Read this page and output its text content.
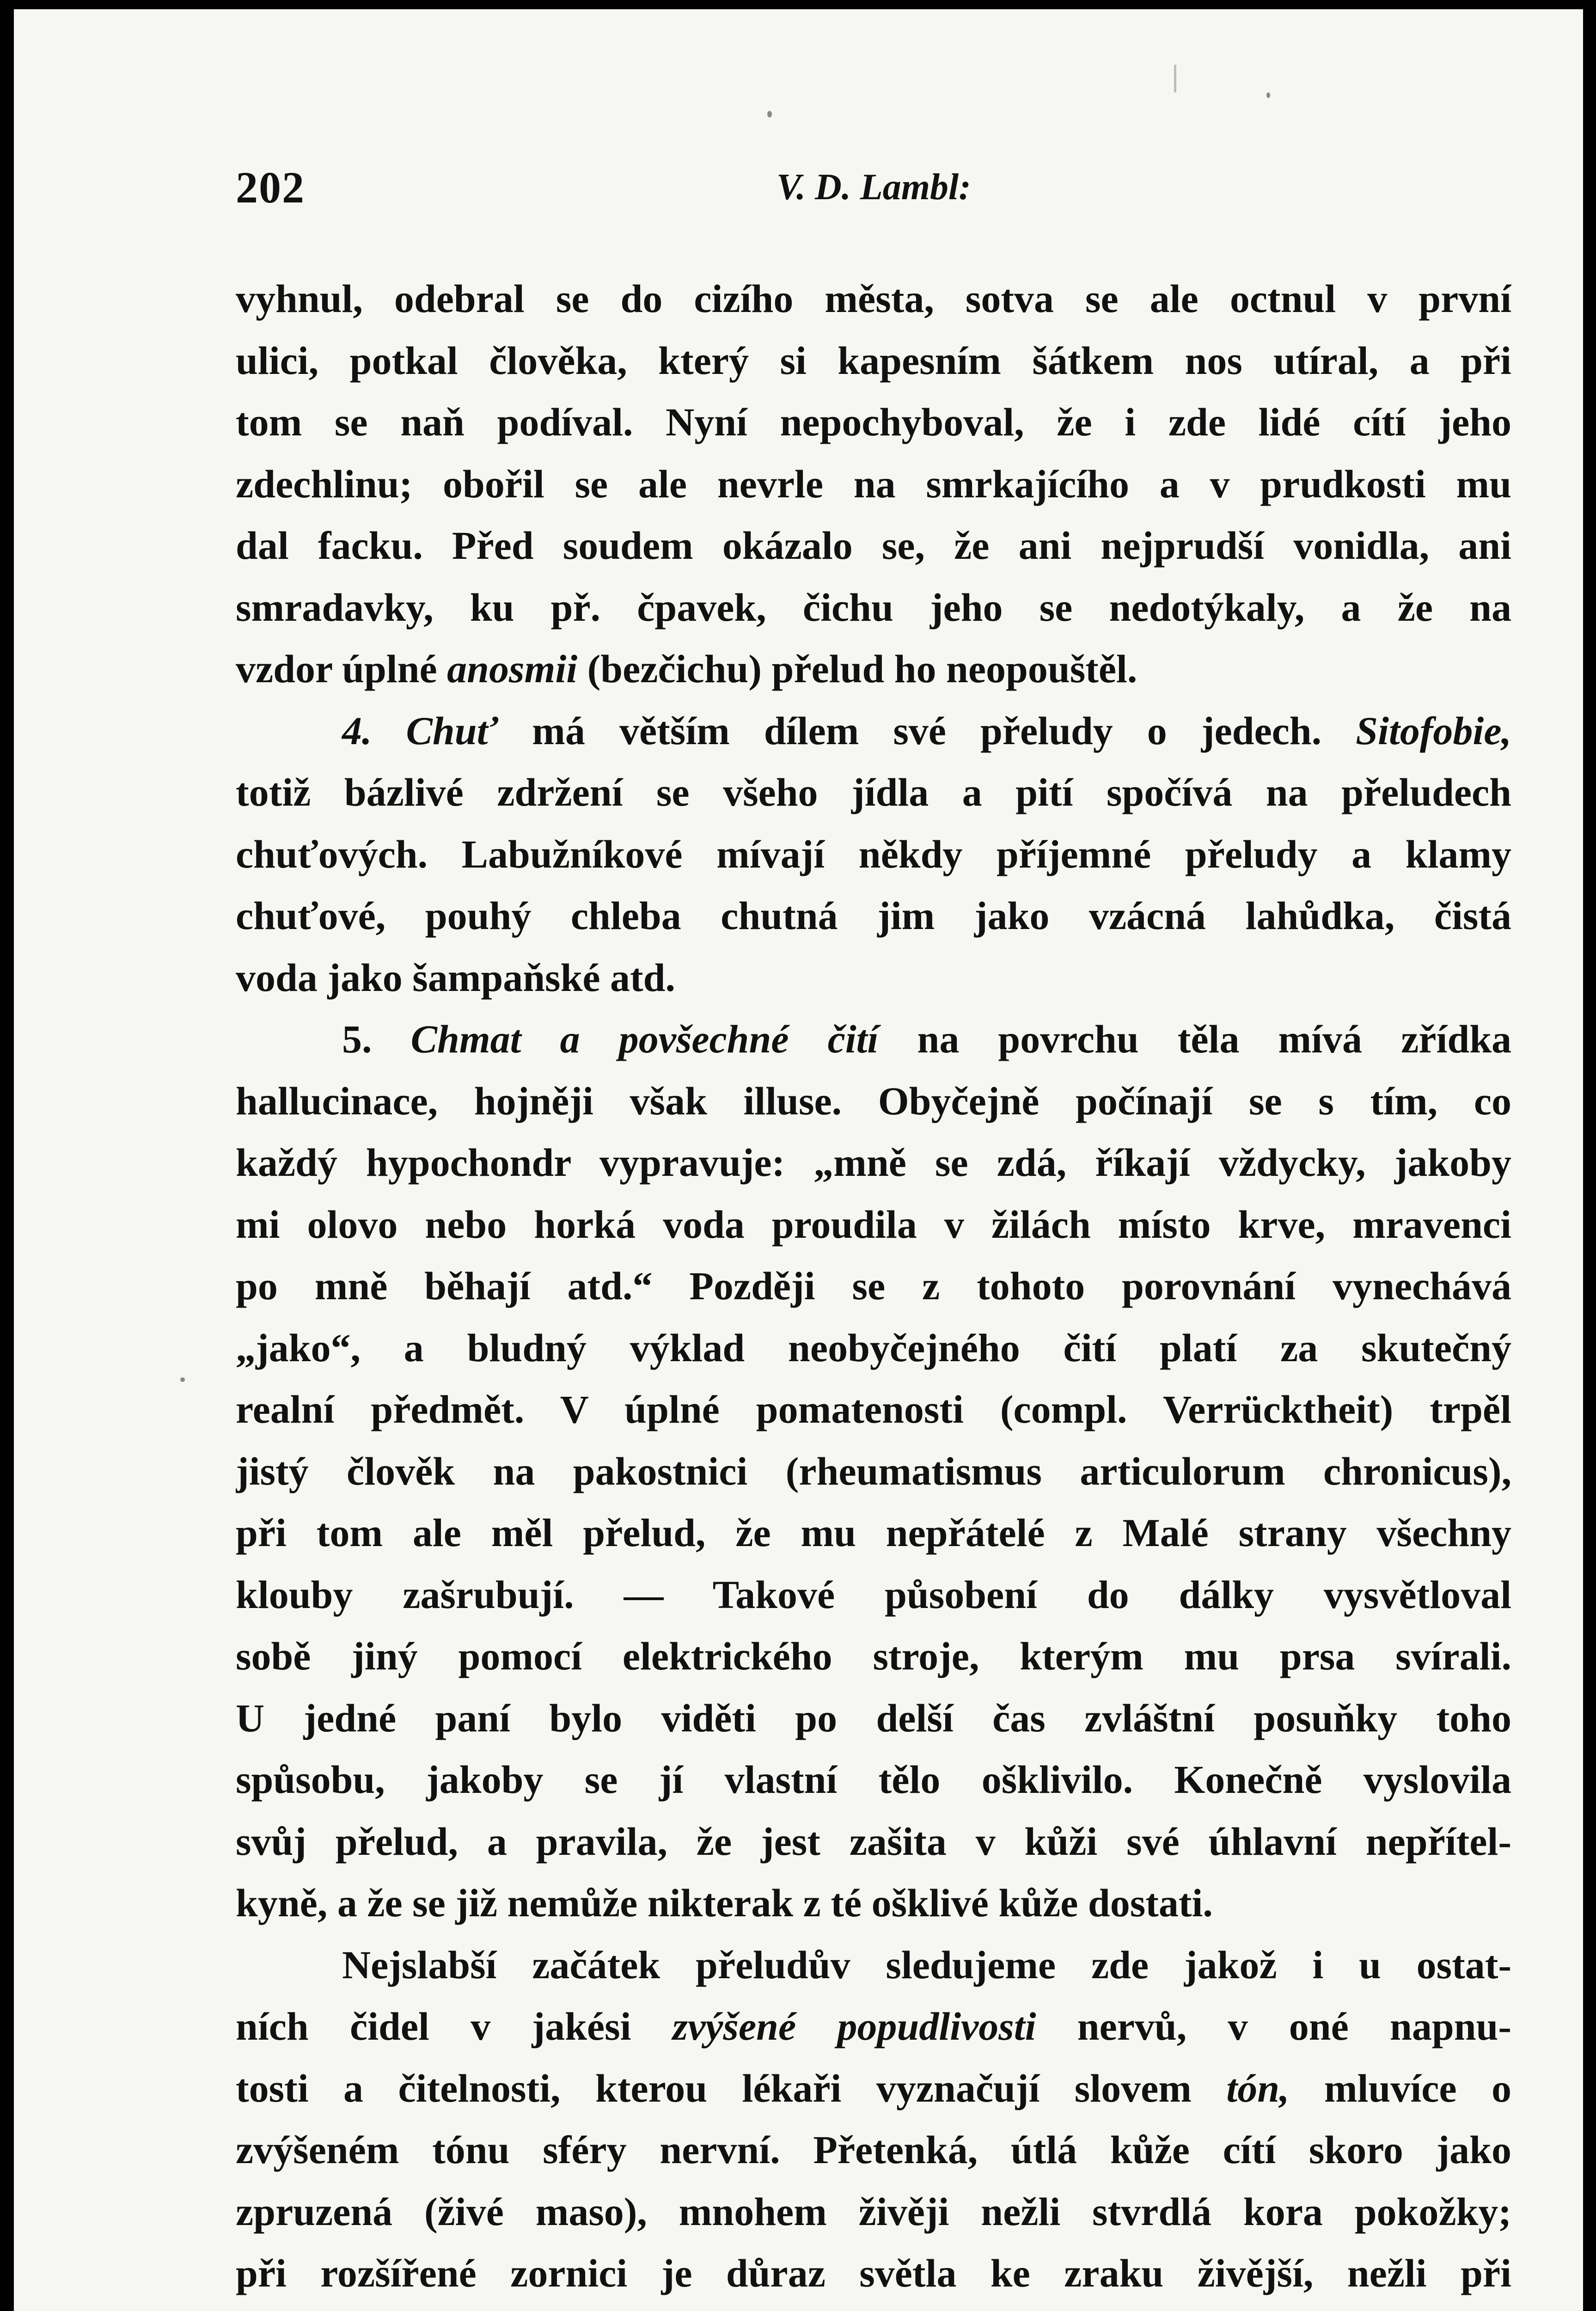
202	V. D. Lambl:
vyhnul, odebral se do cizího města, sotva se ale octnul v první
ulici, potkal člověka, který si kapesním šátkem nos utíral, a při
tom se naň podíval. Nyní nepochyboval, že i zde lidé cítí jeho
zdechlinu; obořil se ale nevrle na smrkajícího a v prudkosti mu
dal facku. Před soudem okázalo se, že ani nejprudší vonidla, ani
smradavky, ku př. čpavek, čichu jeho se nedotýkaly, a že na
vzdor úplné anosmii (bezčichu) přelud ho neopouštěl.
4. Chuť má větším dílem své přeludy o jedech. Sitofobie,
totiž bázlivé zdržení se všeho jídla a pití spočívá na přeludech
chuťových. Labužníkové mívají někdy příjemné přeludy a klamy
chuťové, pouhý chleba chutná jim jako vzácná lahůdka, čistá
voda jako šampaňské atd.
5. Chmat a povšechné čití na povrchu těla mívá zřídka
hallucinace, hojněji však illuse. Obyčejně počínají se s tím, co
každý hypochondr vypravuje: „mně se zdá, říkají vždycky, jakoby
mi olovo nebo horká voda proudila v žilách místo krve, mravenci
po mně běhají atd.“ Později se z tohoto porovnání vynechává
„jako“, a bludný výklad neobyčejného čití platí za skutečný
realní předmět. V úplné pomatenosti (compl. Verrücktheit) trpěl
jistý člověk na pakostnici (rheumatismus articulorum chronicus),
při tom ale měl přelud, že mu nepřátelé z Malé strany všechny
klouby zašrubují. — Takové působení do dálky vysvětloval
sobě jiný pomocí elektrického stroje, kterým mu prsa svírali.
U jedné paní bylo viděti po delší čas zvláštní posuňky toho
spůsobu, jakoby se jí vlastní tělo ošklivilo. Konečně vyslovila
svůj přelud, a pravila, že jest zašita v kůži své úhlavní nepřítel-
kyně, a že se již nemůže nikterak z té ošklivé kůže dostati.
Nejslabší začátek přeludův sledujeme zde jakož i u ostat-
ních čidel v jakési zvýšené popudlivosti nervů, v oné napnu-
tosti a čitelnosti, kterou lékaři vyznačují slovem tón, mluvíce o
zvýšeném tónu sféry nervní. Přetenká, útlá kůže cítí skoro jako
zpruzená (živé maso), mnohem živěji nežli stvrdlá kora pokožky;
při rozšířené zornici je důraz světla ke zraku živější, nežli při
